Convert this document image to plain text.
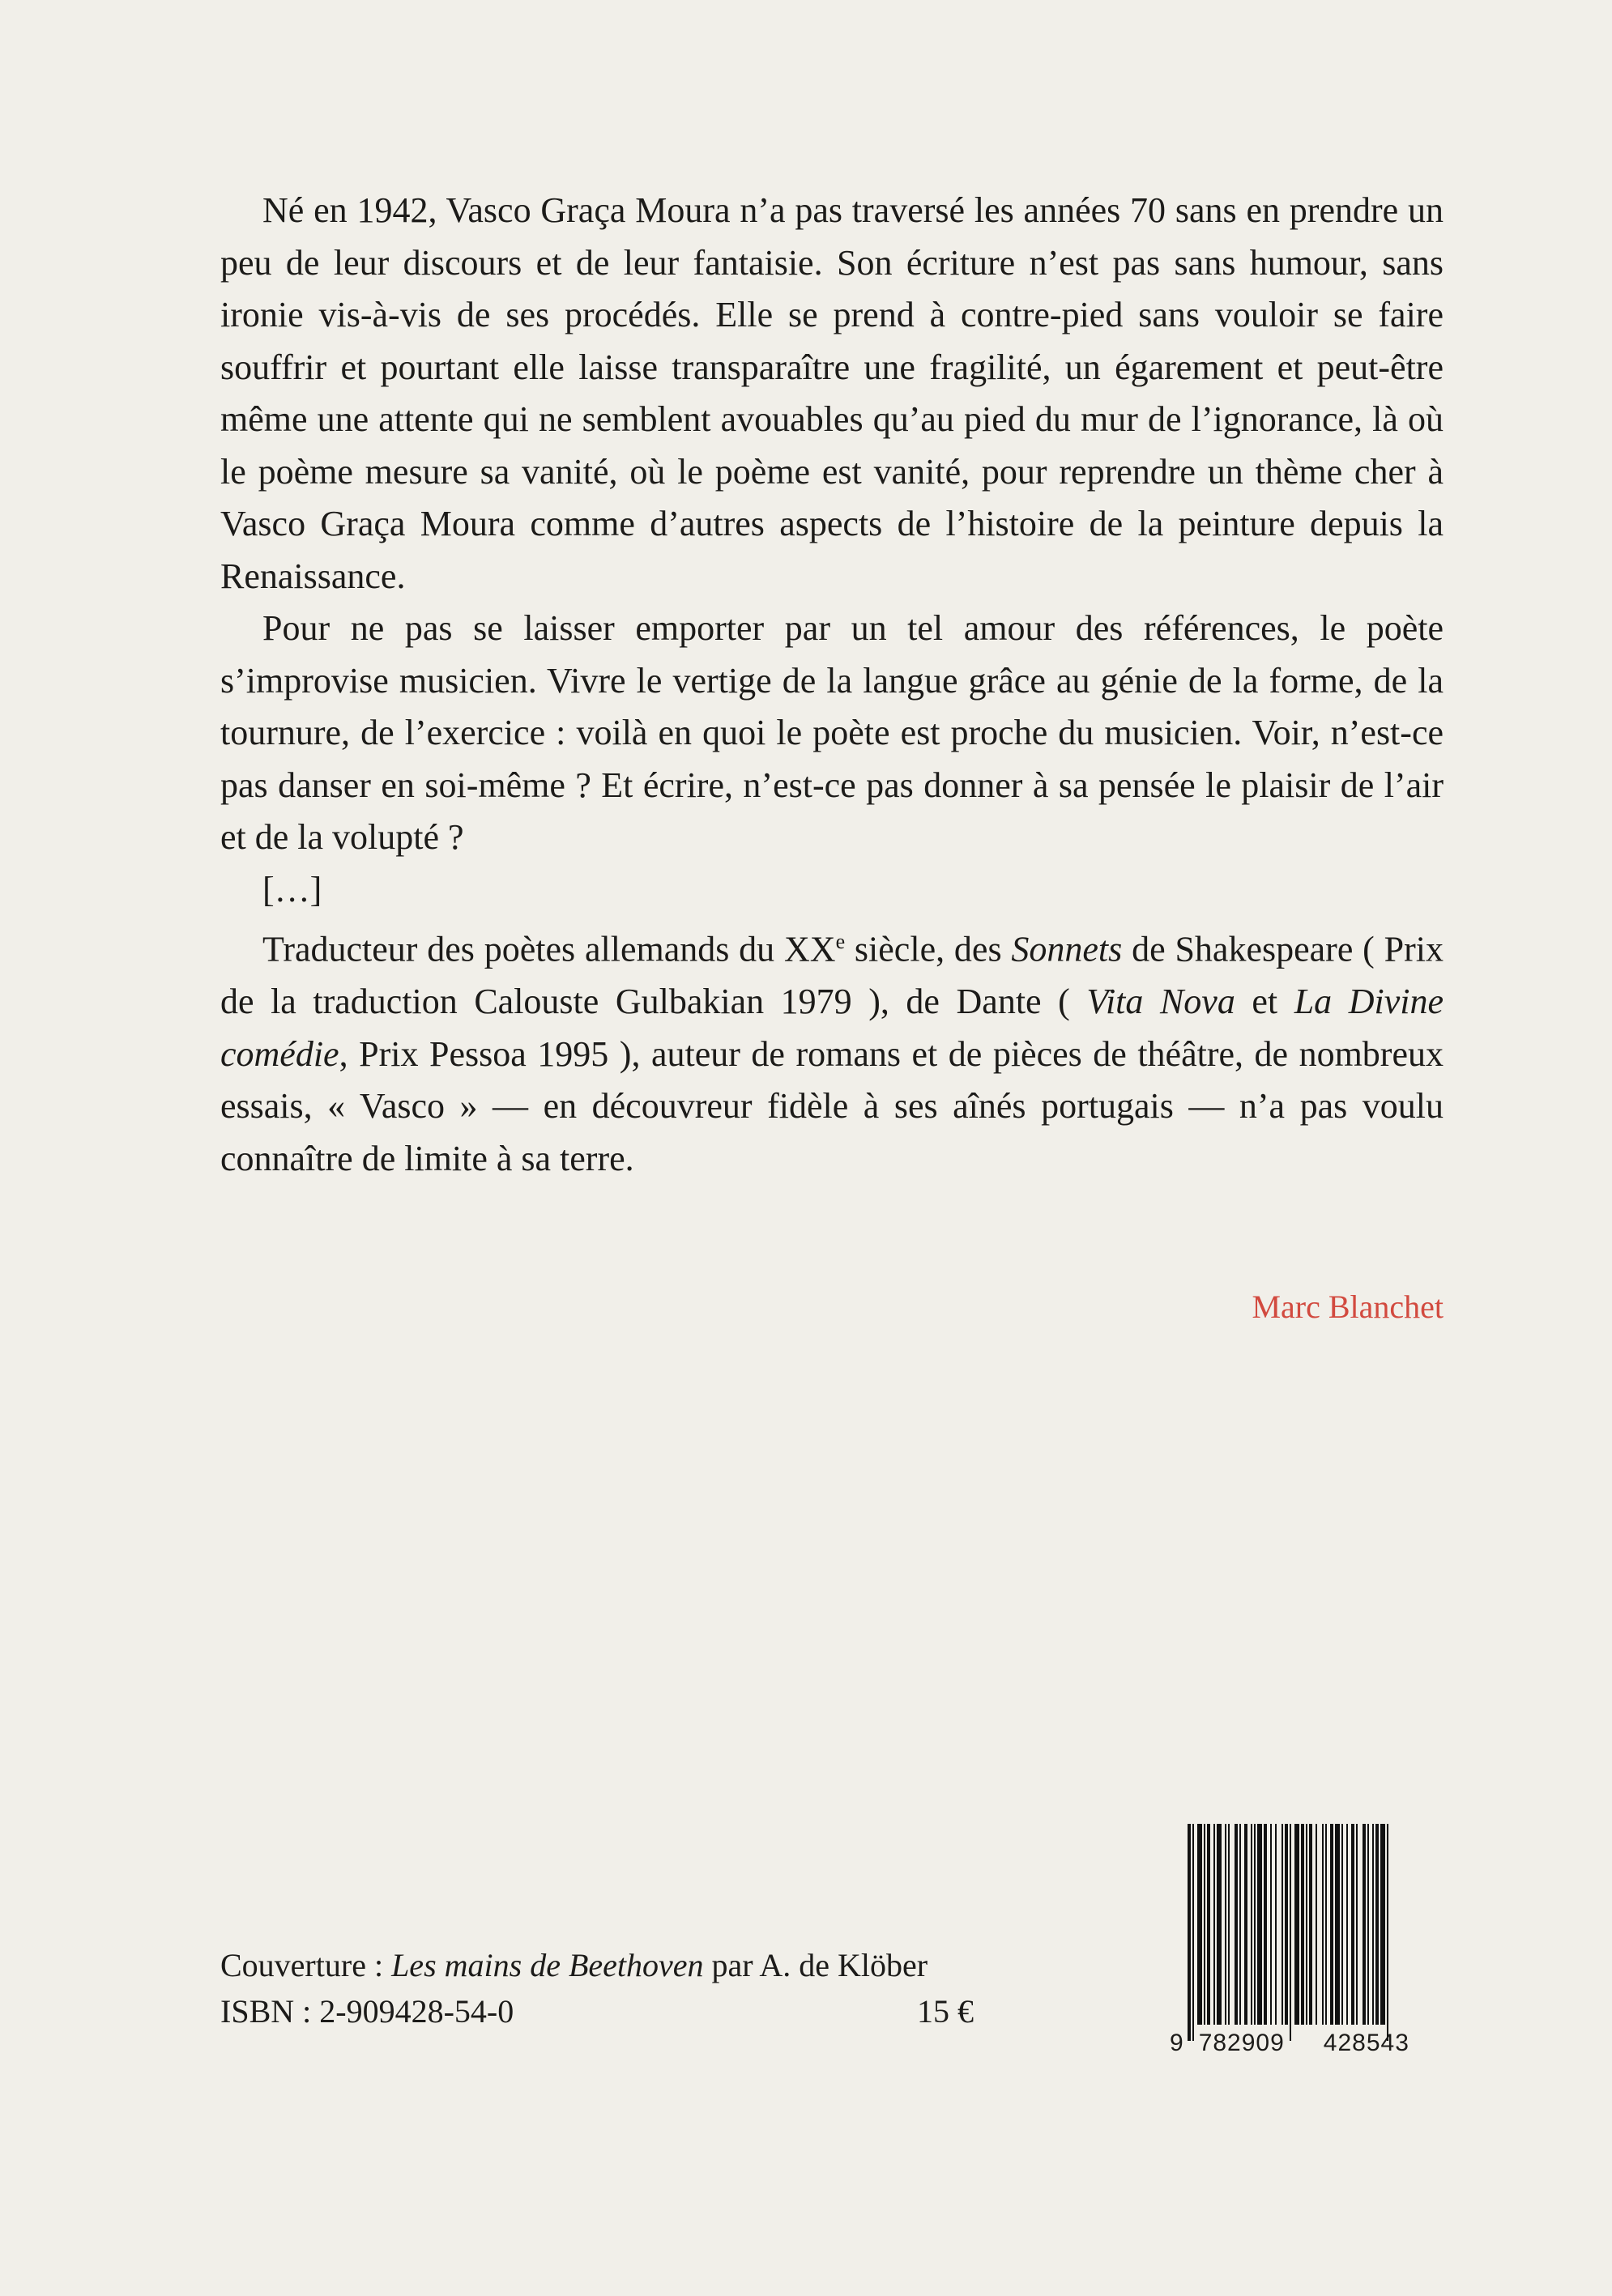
Né en 1942, Vasco Graça Moura n’a pas traversé les années 70 sans en prendre un peu de leur discours et de leur fantaisie. Son écriture n’est pas sans humour, sans ironie vis-à-vis de ses procédés. Elle se prend à contre-pied sans vouloir se faire souffrir et pourtant elle laisse transparaître une fragilité, un égarement et peut-être même une attente qui ne semblent avouables qu’au pied du mur de l’ignorance, là où le poème mesure sa vanité, où le poème est vanité, pour reprendre un thème cher à Vasco Graça Moura comme d’autres aspects de l’histoire de la peinture depuis la Renaissance.

Pour ne pas se laisser emporter par un tel amour des références, le poète s’improvise musicien. Vivre le vertige de la langue grâce au génie de la forme, de la tournure, de l’exercice : voilà en quoi le poète est proche du musicien. Voir, n’est-ce pas danser en soi-même ? Et écrire, n’est-ce pas donner à sa pensée le plaisir de l’air et de la volupté ?

[…]

Traducteur des poètes allemands du XXe siècle, des Sonnets de Shakespeare ( Prix de la traduction Calouste Gulbakian 1979 ), de Dante ( Vita Nova et La Divine comédie, Prix Pessoa 1995 ), auteur de romans et de pièces de théâtre, de nombreux essais, « Vasco » — en découvreur fidèle à ses aînés portugais — n’a pas voulu connaître de limite à sa terre.

Marc Blanchet
Couverture : Les mains de Beethoven par A. de Klöber
ISBN : 2-909428-54-0	15 €
9 782909 428543
